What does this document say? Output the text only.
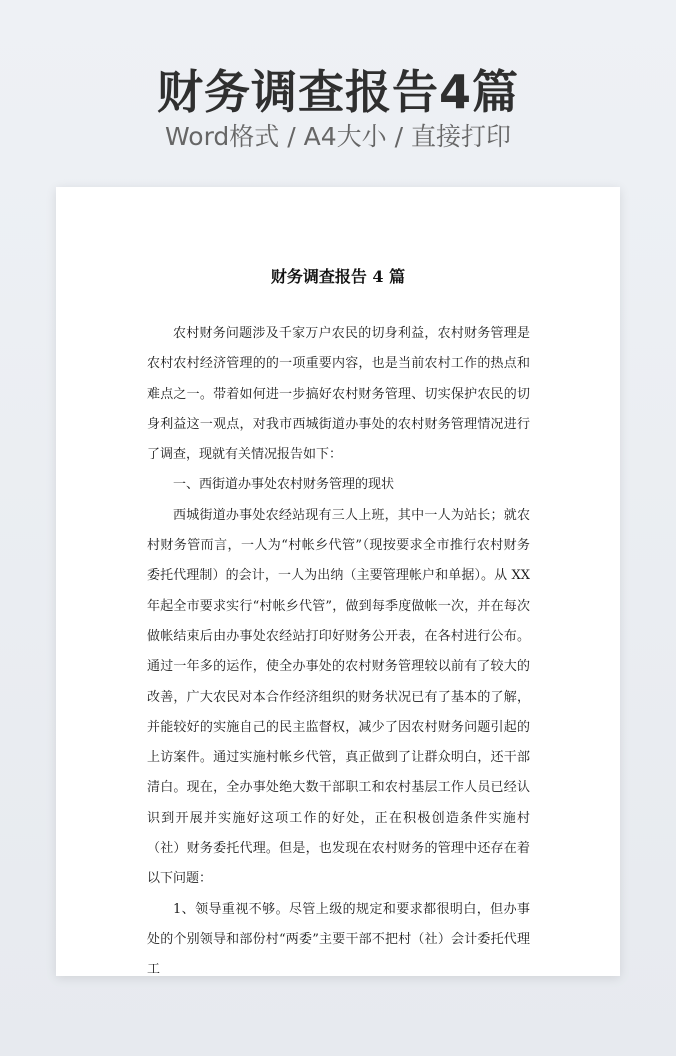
财务调查报告4篇
Word格式 / A4大小 / 直接打印
财务调查报告 4 篇

农村财务问题涉及千家万户农民的切身利益，农村财务管理是农村农村经济管理的的一项重要内容，也是当前农村工作的热点和难点之一。带着如何进一步搞好农村财务管理、切实保护农民的切身利益这一观点，对我市西城街道办事处的农村财务管理情况进行了调查，现就有关情况报告如下：

一、西街道办事处农村财务管理的现状

西城街道办事处农经站现有三人上班，其中一人为站长；就农村财务管而言，一人为“村帐乡代管”（现按要求全市推行农村财务委托代理制）的会计，一人为出纳（主要管理帐户和单据）。从 XX 年起全市要求实行“村帐乡代管”，做到每季度做帐一次，并在每次做帐结束后由办事处农经站打印好财务公开表，在各村进行公布。通过一年多的运作，使全办事处的农村财务管理较以前有了较大的改善，广大农民对本合作经济组织的财务状况已有了基本的了解，并能较好的实施自己的民主监督权，减少了因农村财务问题引起的上访案件。通过实施村帐乡代管，真正做到了让群众明白，还干部清白。现在，全办事处绝大数干部职工和农村基层工作人员已经认识到开展并实施好这项工作的好处，正在积极创造条件实施村（社）财务委托代理。但是，也发现在农村财务的管理中还存在着以下问题：

1、领导重视不够。尽管上级的规定和要求都很明白，但办事处的个别领导和部份村“两委”主要干部不把村（社）会计委托代理工
